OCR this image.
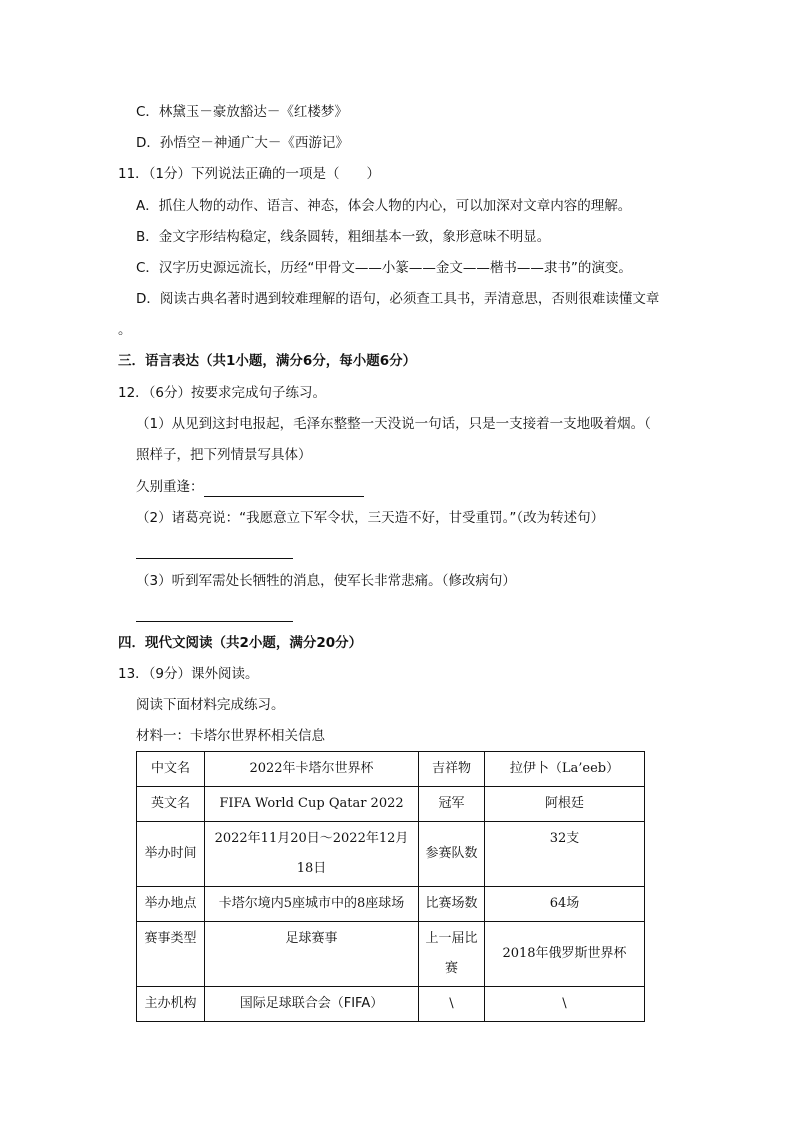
C．林黛玉－豪放豁达－《红楼梦》
D．孙悟空－神通广大－《西游记》
11．（1分）下列说法正确的一项是（　　）
A．抓住人物的动作、语言、神态，体会人物的内心，可以加深对文章内容的理解。
B．金文字形结构稳定，线条圆转，粗细基本一致，象形意味不明显。
C．汉字历史源远流长，历经“甲骨文——小篆——金文——楷书——隶书”的演变。
D．阅读古典名著时遇到较难理解的语句，必须查工具书，弄清意思，否则很难读懂文章
。
三．语言表达（共1小题，满分6分，每小题6分）
12．（6分）按要求完成句子练习。
（1）从见到这封电报起，毛泽东整整一天没说一句话，只是一支接着一支地吸着烟。（
照样子，把下列情景写具体）
久别重逢：
（2）诸葛亮说：“我愿意立下军令状，三天造不好，甘受重罚。”（改为转述句）
（3）听到军需处长牺牲的消息，使军长非常悲痛。（修改病句）
四．现代文阅读（共2小题，满分20分）
13．（9分）课外阅读。
阅读下面材料完成练习。
材料一：卡塔尔世界杯相关信息
中文名	2022年卡塔尔世界杯	吉祥物	拉伊卜（La’eeb）
英文名	FIFA World Cup Qatar 2022	冠军	阿根廷
举办时间	2022年11月20日～2022年12月18日	参赛队数	32支
举办地点	卡塔尔境内5座城市中的8座球场	比赛场数	64场
赛事类型	足球赛事	上一届比赛	2018年俄罗斯世界杯
主办机构	国际足球联合会（FIFA）	\	\
